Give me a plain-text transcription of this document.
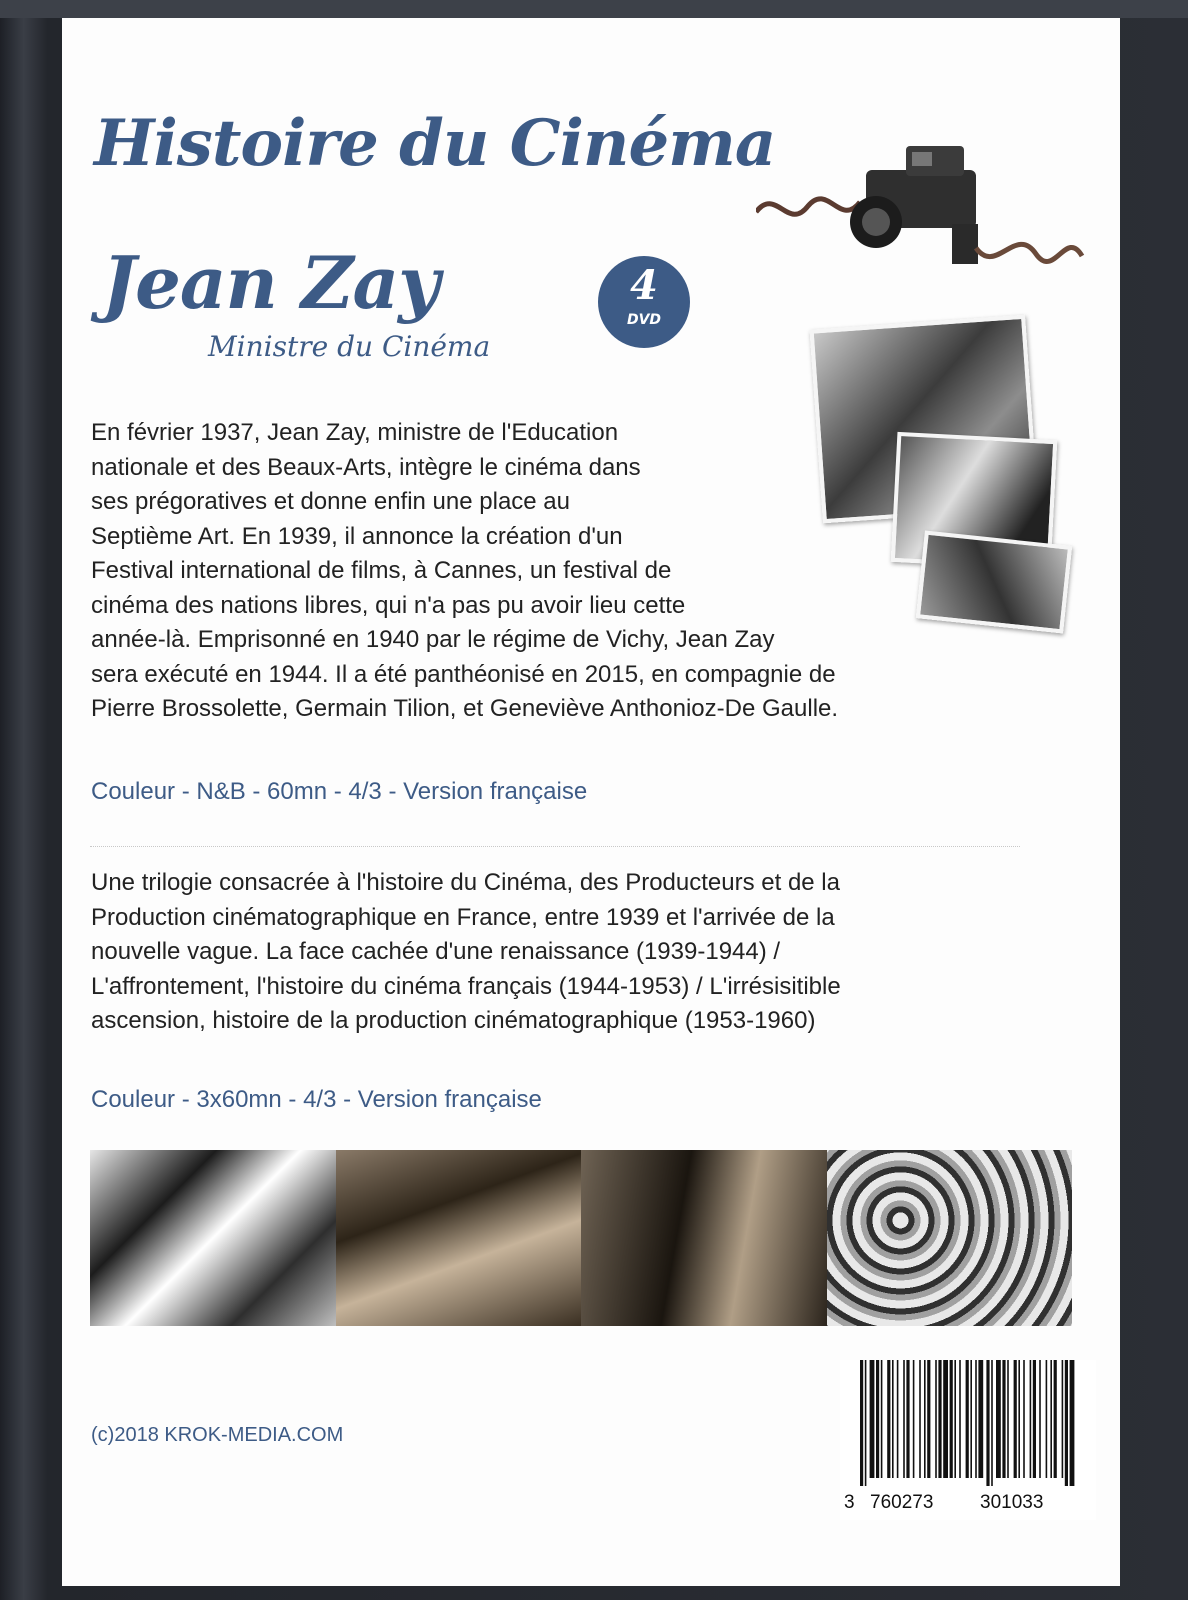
Histoire du Cinéma
Jean Zay
Ministre du Cinéma
4
DVD

En février 1937, Jean Zay, ministre de l'Education

nationale et des Beaux-Arts, intègre le cinéma dans

ses prégoratives et donne enfin une place au

Septième Art. En 1939, il annonce la création d'un

Festival international de films, à Cannes, un festival de

cinéma des nations libres, qui n'a pas pu avoir lieu cette

année-là. Emprisonné en 1940 par le régime de Vichy, Jean Zay

sera exécuté en 1944. Il a été panthéonisé en 2015, en compagnie de

Pierre Brossolette, Germain Tilion, et Geneviève Anthonioz-De Gaulle.

Couleur - N&B - 60mn - 4/3 - Version française

Une trilogie consacrée à l'histoire du Cinéma, des Producteurs et de la

Production cinématographique en France, entre 1939 et l'arrivée de la

nouvelle vague. La face cachée d'une renaissance (1939-1944) /

L'affrontement, l'histoire du cinéma français (1944-1953) / L'irrésisitible

ascension, histoire de la production cinématographique (1953-1960)

Couleur - 3x60mn - 4/3 - Version française
(c)2018 KROK-MEDIA.COM
3 760273 301033
